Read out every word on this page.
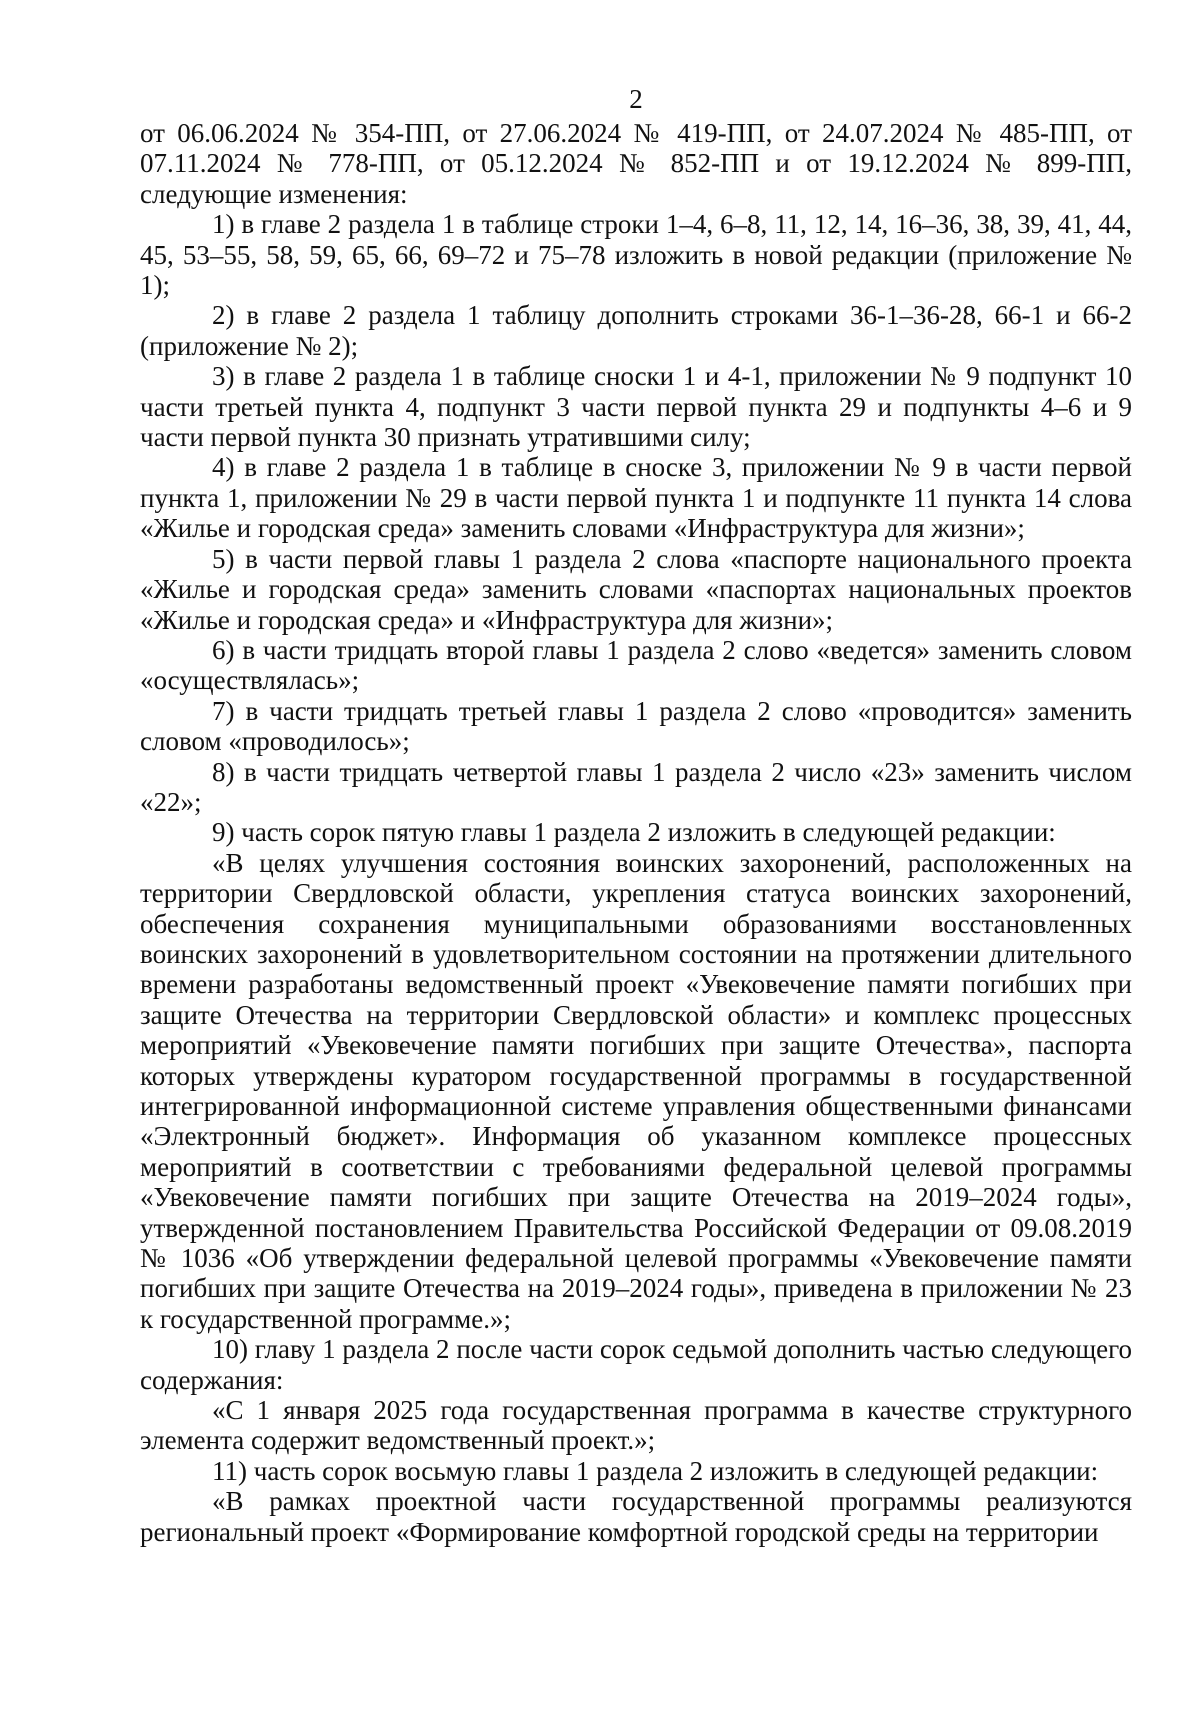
2

от 06.06.2024 № 354-ПП, от 27.06.2024 № 419-ПП, от 24.07.2024 № 485-ПП, от 07.11.2024 № 778-ПП, от 05.12.2024 № 852-ПП и от 19.12.2024 № 899-ПП, следующие изменения:

1) в главе 2 раздела 1 в таблице строки 1–4, 6–8, 11, 12, 14, 16–36, 38, 39, 41, 44, 45, 53–55, 58, 59, 65, 66, 69–72 и 75–78 изложить в новой редакции (приложение № 1);

2) в главе 2 раздела 1 таблицу дополнить строками 36-1–36-28, 66-1 и 66-2 (приложение № 2);

3) в главе 2 раздела 1 в таблице сноски 1 и 4-1, приложении № 9 подпункт 10 части третьей пункта 4, подпункт 3 части первой пункта 29 и подпункты 4–6 и 9 части первой пункта 30 признать утратившими силу;

4) в главе 2 раздела 1 в таблице в сноске 3, приложении № 9 в части первой пункта 1, приложении № 29 в части первой пункта 1 и подпункте 11 пункта 14 слова «Жилье и городская среда» заменить словами «Инфраструктура для жизни»;

5) в части первой главы 1 раздела 2 слова «паспорте национального проекта «Жилье и городская среда» заменить словами «паспортах национальных проектов «Жилье и городская среда» и «Инфраструктура для жизни»;

6) в части тридцать второй главы 1 раздела 2 слово «ведется» заменить словом «осуществлялась»;

7) в части тридцать третьей главы 1 раздела 2 слово «проводится» заменить словом «проводилось»;

8) в части тридцать четвертой главы 1 раздела 2 число «23» заменить числом «22»;

9) часть сорок пятую главы 1 раздела 2 изложить в следующей редакции:

«В целях улучшения состояния воинских захоронений, расположенных на территории Свердловской области, укрепления статуса воинских захоронений, обеспечения сохранения муниципальными образованиями восстановленных воинских захоронений в удовлетворительном состоянии на протяжении длительного времени разработаны ведомственный проект «Увековечение памяти погибших при защите Отечества на территории Свердловской области» и комплекс процессных мероприятий «Увековечение памяти погибших при защите Отечества», паспорта которых утверждены куратором государственной программы в государственной интегрированной информационной системе управления общественными финансами «Электронный бюджет». Информация об указанном комплексе процессных мероприятий в соответствии с требованиями федеральной целевой программы «Увековечение памяти погибших при защите Отечества на 2019–2024 годы», утвержденной постановлением Правительства Российской Федерации от 09.08.2019 № 1036 «Об утверждении федеральной целевой программы «Увековечение памяти погибших при защите Отечества на 2019–2024 годы», приведена в приложении № 23 к государственной программе.»;

10) главу 1 раздела 2 после части сорок седьмой дополнить частью следующего содержания:

«С 1 января 2025 года государственная программа в качестве структурного элемента содержит ведомственный проект.»;

11) часть сорок восьмую главы 1 раздела 2 изложить в следующей редакции:

«В рамках проектной части государственной программы реализуются региональный проект «Формирование комфортной городской среды на территории
